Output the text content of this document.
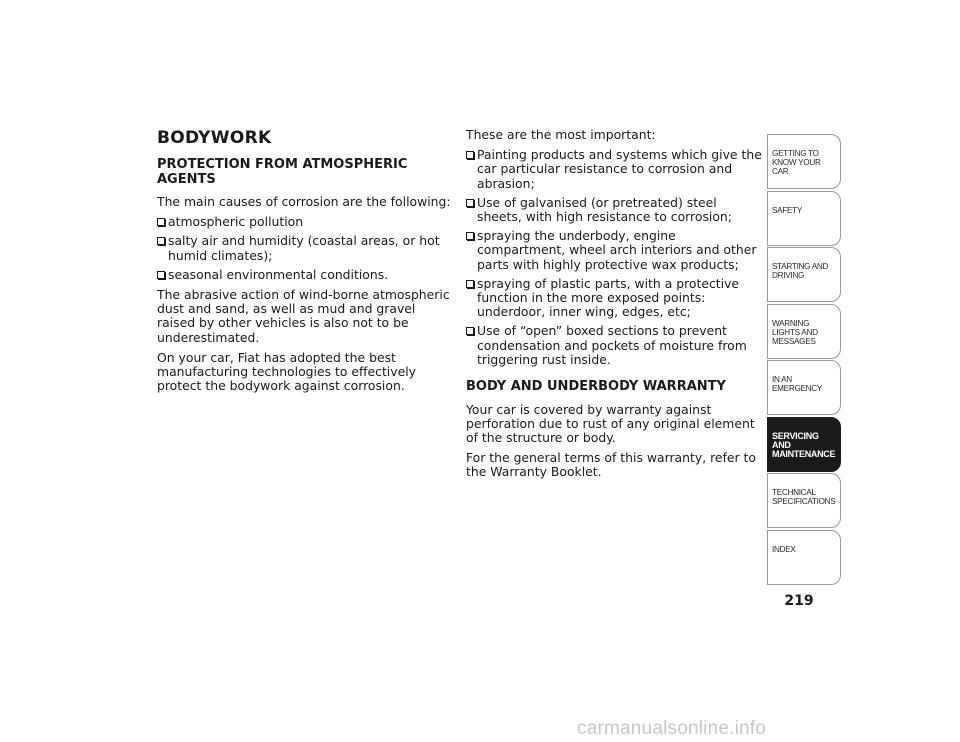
BODYWORK
PROTECTION FROM ATMOSPHERIC AGENTS

The main causes of corrosion are the following:

atmospheric pollution
salty air and humidity (coastal areas, or hot humid climates);
seasonal environmental conditions.

The abrasive action of wind-borne atmospheric dust and sand, as well as mud and gravel raised by other vehicles is also not to be underestimated.

On your car, Fiat has adopted the best manufacturing technologies to effectively protect the bodywork against corrosion.

These are the most important:

Painting products and systems which give the car particular resistance to corrosion and abrasion;
Use of galvanised (or pretreated) steel sheets, with high resistance to corrosion;
spraying the underbody, engine compartment, wheel arch interiors and other parts with highly protective wax products;
spraying of plastic parts, with a protective function in the more exposed points: underdoor, inner wing, edges, etc;
Use of “open” boxed sections to prevent condensation and pockets of moisture from triggering rust inside.
BODY AND UNDERBODY WARRANTY

Your car is covered by warranty against perforation due to rust of any original element of the structure or body.

For the general terms of this warranty, refer to the Warranty Booklet.

GETTING TO KNOW YOUR CAR
SAFETY
STARTING AND DRIVING
WARNING LIGHTS AND MESSAGES
IN AN EMERGENCY
SERVICING AND MAINTENANCE
TECHNICAL SPECIFICATIONS
INDEX
219
carmanualsonline.info
